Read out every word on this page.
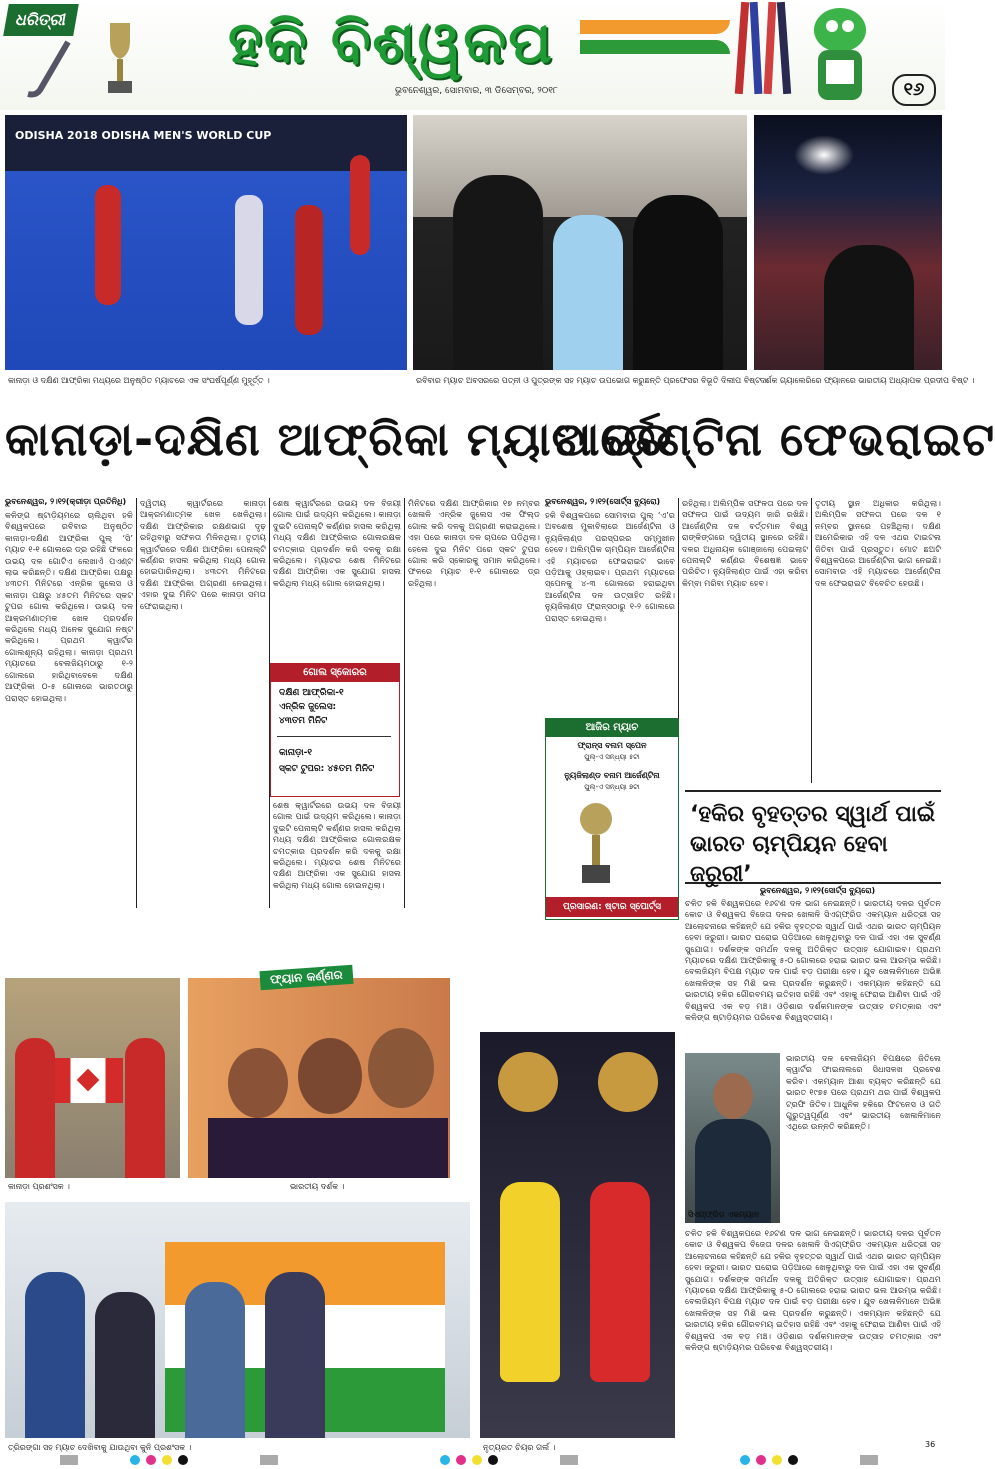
ଧରିତ୍ରୀ	ହକି ବିଶ୍ୱକପ
୧୬
ଭୁବନେଶ୍ୱର, ସୋମବାର, ୩ ଡିସେମ୍ବର, ୨୦୧୮
ODISHA 2018 ODISHA MEN'S WORLD CUP
କାନାଡ଼ା ଓ ଦକ୍ଷିଣ ଆଫ୍ରିକା ମଧ୍ୟରେ ଅନୁଷ୍ଠିତ ମ୍ୟାଚରେ ଏକ ସଂଘର୍ଷପୂର୍ଣ୍ଣ ମୁହୂର୍ତ୍ତ ।	ରବିବାର ମ୍ୟାଚ ଅବସରରେ ପତ୍ନୀ ଓ ପୁତ୍ରଙ୍କ ସହ ମ୍ୟାଚ ଉପଭୋଗ କରୁଛନ୍ତି ପ୍ରଫେସର ବିଭୂତି ଦିଲୀପ ବିଷ୍ଟ ।
ଦର୍ଶକ ଗ୍ୟାଲେରିରେ ଫ୍ୟାନରେ ଭାରତୀୟ ଅଧ୍ୟାପକ ପ୍ରଦୀପ ବିଷ୍ଟ ।
କାନାଡ଼ା-ଦକ୍ଷିଣ ଆଫ୍ରିକା ମ୍ୟାଚ ଡ୍ର
ଆର୍ଜେଣ୍ଟିନା ଫେଭରାଇଟ
ଭୁବନେଶ୍ୱର, ୨।୧୨(କ୍ରୀଡ଼ା ପ୍ରତିନିଧି)
କଳିଙ୍ଗ ଷ୍ଟାଡ଼ିୟମରେ ଚାଲିଥିବା ହକି ବିଶ୍ୱକପରେ ରବିବାର ଅନୁଷ୍ଠିତ କାନାଡ଼ା-ଦକ୍ଷିଣ ଆଫ୍ରିକା ପୁଲ୍ ‘ସି’ ମ୍ୟାଚ ୧-୧ ଗୋଲରେ ଡ୍ର ରହିଛି ଫଳରେ ଉଭୟ ଦଳ ଗୋଟିଏ ଲେଖାଏଁ ପଏଣ୍ଟ ଲାଭ କରିଛନ୍ତି। ଦକ୍ଷିଣ ଆଫ୍ରିକା ପକ୍ଷରୁ ୪୩ତମ ମିନିଟରେ ଏନ୍‌ରିକ ଜୁଲେସ ଓ କାନାଡ଼ା ପକ୍ଷରୁ ୪୫ତମ ମିନିଟରେ ସ୍କଟ ଟୁପର ଗୋଲ କରିଥିଲେ। ଉଭୟ ଦଳ ଆକ୍ରମଣାତ୍ମକ ଖେଳ ପ୍ରଦର୍ଶନ କରିଥିଲେ ମଧ୍ୟ ଅନେକ ସୁଯୋଗ ନଷ୍ଟ କରିଥିଲେ। ପ୍ରଥମ କ୍ୱାର୍ଟର ଗୋଲଶୂନ୍ୟ ରହିଥିଲା। କାନାଡ଼ା ପ୍ରଥମ ମ୍ୟାଚରେ ବେଲଜିୟମଠାରୁ ୧-୨ ଗୋଲରେ ହାରିଥିବାବେଳେ ଦକ୍ଷିଣ ଆଫ୍ରିକା ୦-୫ ଗୋଲରେ ଭାରତଠାରୁ ପରାସ୍ତ ହୋଇଥିଲା।
ଦ୍ୱିତୀୟ କ୍ୱାର୍ଟରରେ କାନାଡ଼ା ଆକ୍ରମଣାତ୍ମକ ଖେଳ ଖେଳିଥିଲା। ଦକ୍ଷିଣ ଆଫ୍ରିକାର ରକ୍ଷଣଭାଗ ଦୃଢ଼ ରହିଥିବାରୁ ସଫଳତା ମିଳିନଥିଲା। ତୃତୀୟ କ୍ୱାର୍ଟରରେ ଦକ୍ଷିଣ ଆଫ୍ରିକା ପେନାଲ୍ଟି କର୍ଣ୍ଣର ହାସଲ କରିଥିଲା ମଧ୍ୟ ଗୋଲ ହୋଇପାରିନଥିଲା। ୪୩ତମ ମିନିଟରେ ଦକ୍ଷିଣ ଆଫ୍ରିକା ଅଗ୍ରଣୀ ନେଇଥିଲା। ଏହାର ଦୁଇ ମିନିଟ ପରେ କାନାଡ଼ା ସମତା ଫେରାଇଥିଲା।
ଶେଷ କ୍ୱାର୍ଟରରେ ଉଭୟ ଦଳ ବିଜୟୀ ଗୋଲ ପାଇଁ ଉଦ୍ୟମ କରିଥିଲେ। କାନାଡ଼ା ଦୁଇଟି ପେନାଲ୍ଟି କର୍ଣ୍ଣର ହାସଲ କରିଥିଲା ମଧ୍ୟ ଦକ୍ଷିଣ ଆଫ୍ରିକାର ଗୋଲରକ୍ଷକ ଚମତ୍କାର ପ୍ରଦର୍ଶନ କରି ଦଳକୁ ରକ୍ଷା କରିଥିଲେ। ମ୍ୟାଚର ଶେଷ ମିନିଟରେ ଦକ୍ଷିଣ ଆଫ୍ରିକା ଏକ ସୁଯୋଗ ହାସଲ କରିଥିଲା ମଧ୍ୟ ଗୋଲ ହୋଇନଥିଲା।
ଶେଷ କ୍ୱାର୍ଟରରେ ଉଭୟ ଦଳ ବିଜୟୀ ଗୋଲ ପାଇଁ ଉଦ୍ୟମ କରିଥିଲେ। କାନାଡ଼ା ଦୁଇଟି ପେନାଲ୍ଟି କର୍ଣ୍ଣର ହାସଲ କରିଥିଲା ମଧ୍ୟ ଦକ୍ଷିଣ ଆଫ୍ରିକାର ଗୋଲରକ୍ଷକ ଚମତ୍କାର ପ୍ରଦର୍ଶନ କରି ଦଳକୁ ରକ୍ଷା କରିଥିଲେ। ମ୍ୟାଚର ଶେଷ ମିନିଟରେ ଦକ୍ଷିଣ ଆଫ୍ରିକା ଏକ ସୁଯୋଗ ହାସଲ କରିଥିଲା ମଧ୍ୟ ଗୋଲ ହୋଇନଥିଲା।
ମିନିଟରେ ଦକ୍ଷିଣ ଆଫ୍ରିକାର ୧୭ ନମ୍ବର ଖେଳାଳି ଏନ୍‌ରିକ ଜୁଲେସ ଏକ ଫିଲ୍ଡ ଗୋଲ କରି ଦଳକୁ ଅଗ୍ରଣୀ କରାଇଥିଲେ। ଏହା ପରେ କାନାଡ଼ା ଦଳ ଚାପରେ ପଡ଼ିଥିଲା। ହେଲେ ଦୁଇ ମିନିଟ ପରେ ସ୍କଟ ଟୁପର ଗୋଲ କରି ସ୍କୋରକୁ ସମାନ କରିଥିଲେ। ଫଳରେ ମ୍ୟାଚ ୧-୧ ଗୋଲରେ ଡ୍ର ରହିଥିଲା।
ଗୋଲ ସ୍କୋରର
ଦକ୍ଷିଣ ଆଫ୍ରିକା-୧
ଏନ୍‌ରିକ ଜୁଲେସ:
୪୩ତମ ମିନିଟ
କାନାଡ଼ା-୧
ସ୍କଟ ଟୁପର: ୪୫ତମ ମିନିଟ
ଭୁବନେଶ୍ୱର, ୨।୧୨(ସୋର୍ଟ୍ସ ବ୍ୟୁରୋ)
ହକି ବିଶ୍ୱକପରେ ସୋମବାର ପୁଲ୍ ‘ଏ’ର ଅବଶେଷ ମୁକାବିଲାରେ ଆର୍ଜେଣ୍ଟିନା ଓ ନ୍ୟୁଜିଲାଣ୍ଡ ପରସ୍ପରର ସମ୍ମୁଖୀନ ହେବେ। ଅଲିମ୍ପିକ ଚାମ୍ପିୟନ ଆର୍ଜେଣ୍ଟିନା ଏହି ମ୍ୟାଚରେ ଫେଭରାଇଟ ଭାବେ ପଡ଼ିଆକୁ ଓହ୍ଲାଇବ। ପ୍ରଥମ ମ୍ୟାଚରେ ସ୍ପେନକୁ ୪-୩ ଗୋଲରେ ହରାଇଥିବା ଆର୍ଜେଣ୍ଟିନା ଦଳ ଉତ୍ସାହିତ ରହିଛି। ନ୍ୟୁଜିଲାଣ୍ଡ ଫ୍ରାନ୍ସଠାରୁ ୧-୨ ଗୋଲରେ ପରାସ୍ତ ହୋଇଥିଲା।
ରହିଥିଲା। ଅଲିମ୍ପିକ ସଫଳତା ପରେ ଦଳ ସଫଳତା ପାଇଁ ଉଦ୍ୟମ ଜାରି ରଖିଛି। ଆର୍ଜେଣ୍ଟିନା ଦଳ ବର୍ତ୍ତମାନ ବିଶ୍ୱ ରାଙ୍କିଙ୍ଗରେ ଦ୍ୱିତୀୟ ସ୍ଥାନରେ ରହିଛି। ଦଳର ଅଧିନାୟକ ଗୋଞ୍ଜାଲୋ ପେଇଲାଟ ପେନାଲ୍ଟି କର୍ଣ୍ଣର ବିଶେଷଜ୍ଞ ଭାବେ ପରିଚିତ। ନ୍ୟୁଜିଲାଣ୍ଡ ପାଇଁ ଏହା କରିବା କିମ୍ବା ମରିବା ମ୍ୟାଚ ହେବ।
ତୃତୀୟ ସ୍ଥାନ ଅଧିକାର କରିଥିଲା। ଅଲିମ୍ପିକ ସଫଳତା ପରେ ଦଳ ୧ ନମ୍ବର ସ୍ଥାନରେ ପହଞ୍ଚିଥିଲା। ଦକ୍ଷିଣ ଆମେରିକାର ଏହି ଦଳ ଏଥର ଟାଇଟଲ ଜିତିବା ପାଇଁ ପ୍ରସ୍ତୁତ। ମୋଟ ଛଅଟି ବିଶ୍ୱକପରେ ଆର୍ଜେଣ୍ଟିନା ଭାଗ ନେଇଛି। ସୋମବାର ଏହି ମ୍ୟାଚରେ ଆର୍ଜେଣ୍ଟିନା ଦଳ ଫେଭରାଇଟ ବିବେଚିତ ହେଉଛି।
ଆଜିର ମ୍ୟାଚ
ଫ୍ରାନ୍ସ ବନାମ ସ୍ପେନ
ପୁଲ୍-ଏ ସନ୍ଧ୍ୟା ୫ଟା
ନ୍ୟୁଜିଲାଣ୍ଡ ବନାମ ଆର୍ଜେଣ୍ଟିନା
ପୁଲ୍-ଏ ସନ୍ଧ୍ୟା ୭ଟା
ପ୍ରସାରଣ: ଷ୍ଟାର ସ୍ପୋର୍ଟ୍ସ
‘ହକିର ବୃହତ୍ତର ସ୍ୱାର୍ଥ ପାଇଁ ଭାରତ ଚାମ୍ପିୟନ ହେବା ଜରୁରୀ’
ଭୁବନେଶ୍ୱର, ୨।୧୨(ସୋର୍ଟ୍ସ ବ୍ୟୁରୋ)
ଚଳିତ ହକି ବିଶ୍ୱକପରେ ୧୬ଟଣ ଦଳ ଭାଗ ନେଇଛନ୍ତି। ଭାରତୀୟ ଦଳର ପୂର୍ବତନ କୋଚ ଓ ବିଶ୍ୱକପ ବିଜେତା ଦଳର ଖେଳାଳି ସିଏଗ୍‌ଫ୍ରିଡ ଏକମ୍ୟାନ ଧରିତ୍ରୀ ସହ ଆଲୋଚନାରେ କହିଛନ୍ତି ଯେ ହକିର ବୃହତ୍ତର ସ୍ୱାର୍ଥ ପାଇଁ ଏଥର ଭାରତ ଚାମ୍ପିୟନ ହେବା ଜରୁରୀ। ଭାରତ ଘରୋଇ ପଡ଼ିଆରେ ଖେଳୁଥିବାରୁ ଦଳ ପାଇଁ ଏହା ଏକ ସୁବର୍ଣ୍ଣ ସୁଯୋଗ। ଦର୍ଶକଙ୍କ ସମର୍ଥନ ଦଳକୁ ଅତିରିକ୍ତ ଉତ୍ସାହ ଯୋଗାଇବ। ପ୍ରଥମ ମ୍ୟାଚରେ ଦକ୍ଷିଣ ଆଫ୍ରିକାକୁ ୫-୦ ଗୋଲରେ ହରାଇ ଭାରତ ଭଲ ଆରମ୍ଭ କରିଛି। ବେଲଜିୟମ ବିପକ୍ଷ ମ୍ୟାଚ ଦଳ ପାଇଁ ବଡ଼ ପରୀକ୍ଷା ହେବ। ଯୁବ ଖେଳାଳିମାନେ ଅଭିଜ୍ଞ ଖେଳାଳିଙ୍କ ସହ ମିଶି ଭଲ ପ୍ରଦର୍ଶନ କରୁଛନ୍ତି। ଏକମ୍ୟାନ କହିଛନ୍ତି ଯେ ଭାରତୀୟ ହକିର ଗୌରବମୟ ଇତିହାସ ରହିଛି ଏବଂ ଏହାକୁ ଫେରାଇ ଆଣିବା ପାଇଁ ଏହି ବିଶ୍ୱକପ ଏକ ବଡ଼ ମଞ୍ଚ। ଓଡ଼ିଶାର ଦର୍ଶକମାନଙ୍କ ଉତ୍ସାହ ଚମତ୍କାର ଏବଂ କଳିଙ୍ଗ ଷ୍ଟାଡ଼ିୟମର ପରିବେଶ ବିଶ୍ୱସ୍ତରୀୟ।
ସିଏଗ୍‌ଫ୍ରିଡ ଏକମ୍ୟାନ
ଭାରତୀୟ ଦଳ ବେଲଜିୟମ ବିପକ୍ଷରେ ଜିତିଲେ କ୍ୱାର୍ଟର ଫାଇନାଲରେ ସିଧାସଳଖ ପ୍ରବେଶ କରିବ। ଏକମ୍ୟାନ ଆଶା ବ୍ୟକ୍ତ କରିଛନ୍ତି ଯେ ଭାରତ ୧୯୭୫ ପରେ ପ୍ରଥମ ଥର ପାଇଁ ବିଶ୍ୱକପ ଟ୍ରଫି ଜିତିବ। ଆଧୁନିକ ହକିରେ ଫିଟନେସ ଓ ଗତି ଗୁରୁତ୍ୱପୂର୍ଣ୍ଣ ଏବଂ ଭାରତୀୟ ଖେଳାଳିମାନେ ଏଥିରେ ଉନ୍ନତି କରିଛନ୍ତି।
ଚଳିତ ହକି ବିଶ୍ୱକପରେ ୧୬ଟଣ ଦଳ ଭାଗ ନେଇଛନ୍ତି। ଭାରତୀୟ ଦଳର ପୂର୍ବତନ କୋଚ ଓ ବିଶ୍ୱକପ ବିଜେତା ଦଳର ଖେଳାଳି ସିଏଗ୍‌ଫ୍ରିଡ ଏକମ୍ୟାନ ଧରିତ୍ରୀ ସହ ଆଲୋଚନାରେ କହିଛନ୍ତି ଯେ ହକିର ବୃହତ୍ତର ସ୍ୱାର୍ଥ ପାଇଁ ଏଥର ଭାରତ ଚାମ୍ପିୟନ ହେବା ଜରୁରୀ। ଭାରତ ଘରୋଇ ପଡ଼ିଆରେ ଖେଳୁଥିବାରୁ ଦଳ ପାଇଁ ଏହା ଏକ ସୁବର୍ଣ୍ଣ ସୁଯୋଗ। ଦର୍ଶକଙ୍କ ସମର୍ଥନ ଦଳକୁ ଅତିରିକ୍ତ ଉତ୍ସାହ ଯୋଗାଇବ। ପ୍ରଥମ ମ୍ୟାଚରେ ଦକ୍ଷିଣ ଆଫ୍ରିକାକୁ ୫-୦ ଗୋଲରେ ହରାଇ ଭାରତ ଭଲ ଆରମ୍ଭ କରିଛି। ବେଲଜିୟମ ବିପକ୍ଷ ମ୍ୟାଚ ଦଳ ପାଇଁ ବଡ଼ ପରୀକ୍ଷା ହେବ। ଯୁବ ଖେଳାଳିମାନେ ଅଭିଜ୍ଞ ଖେଳାଳିଙ୍କ ସହ ମିଶି ଭଲ ପ୍ରଦର୍ଶନ କରୁଛନ୍ତି। ଏକମ୍ୟାନ କହିଛନ୍ତି ଯେ ଭାରତୀୟ ହକିର ଗୌରବମୟ ଇତିହାସ ରହିଛି ଏବଂ ଏହାକୁ ଫେରାଇ ଆଣିବା ପାଇଁ ଏହି ବିଶ୍ୱକପ ଏକ ବଡ଼ ମଞ୍ଚ। ଓଡ଼ିଶାର ଦର୍ଶକମାନଙ୍କ ଉତ୍ସାହ ଚମତ୍କାର ଏବଂ କଳିଙ୍ଗ ଷ୍ଟାଡ଼ିୟମର ପରିବେଶ ବିଶ୍ୱସ୍ତରୀୟ।
କାନାଡ଼ା ପ୍ରଶଂସକ ।
ଫ୍ୟାନ କର୍ଣ୍ଣର
ଭାରତୀୟ ଦର୍ଶକ ।
ନୃତ୍ୟରତ ଚିୟର ଗର୍ଲ ।
ତ୍ରିରଙ୍ଗା ସହ ମ୍ୟାଚ ଦେଖିବାକୁ ଯାଉଥିବା କୁନି ପ୍ରଶଂସକ ।	36
